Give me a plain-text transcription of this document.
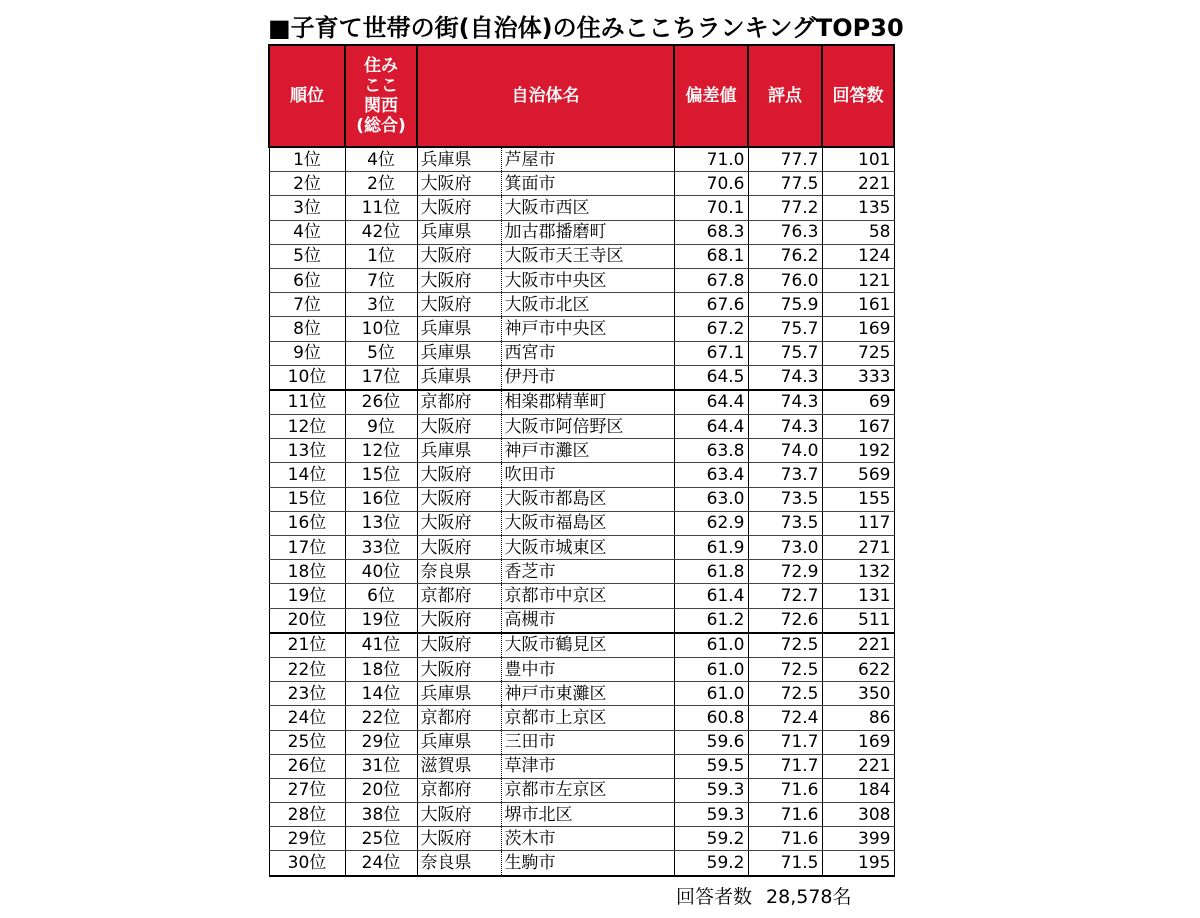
■子育て世帯の街(自治体)の住みここちランキングTOP30
順位	住み
ここ
関西
(総合)	自治体名		偏差値	評点	回答数
1位	4位	兵庫県	芦屋市	71.0	77.7	101
2位	2位	大阪府	箕面市	70.6	77.5	221
3位	11位	大阪府	大阪市西区	70.1	77.2	135
4位	42位	兵庫県	加古郡播磨町	68.3	76.3	58
5位	1位	大阪府	大阪市天王寺区	68.1	76.2	124
6位	7位	大阪府	大阪市中央区	67.8	76.0	121
7位	3位	大阪府	大阪市北区	67.6	75.9	161
8位	10位	兵庫県	神戸市中央区	67.2	75.7	169
9位	5位	兵庫県	西宮市	67.1	75.7	725
10位	17位	兵庫県	伊丹市	64.5	74.3	333
11位	26位	京都府	相楽郡精華町	64.4	74.3	69
12位	9位	大阪府	大阪市阿倍野区	64.4	74.3	167
13位	12位	兵庫県	神戸市灘区	63.8	74.0	192
14位	15位	大阪府	吹田市	63.4	73.7	569
15位	16位	大阪府	大阪市都島区	63.0	73.5	155
16位	13位	大阪府	大阪市福島区	62.9	73.5	117
17位	33位	大阪府	大阪市城東区	61.9	73.0	271
18位	40位	奈良県	香芝市	61.8	72.9	132
19位	6位	京都府	京都市中京区	61.4	72.7	131
20位	19位	大阪府	高槻市	61.2	72.6	511
21位	41位	大阪府	大阪市鶴見区	61.0	72.5	221
22位	18位	大阪府	豊中市	61.0	72.5	622
23位	14位	兵庫県	神戸市東灘区	61.0	72.5	350
24位	22位	京都府	京都市上京区	60.8	72.4	86
25位	29位	兵庫県	三田市	59.6	71.7	169
26位	31位	滋賀県	草津市	59.5	71.7	221
27位	20位	京都府	京都市左京区	59.3	71.6	184
28位	38位	大阪府	堺市北区	59.3	71.6	308
29位	25位	大阪府	茨木市	59.2	71.6	399
30位	24位	奈良県	生駒市	59.2	71.5	195
回答者数 28,578名
